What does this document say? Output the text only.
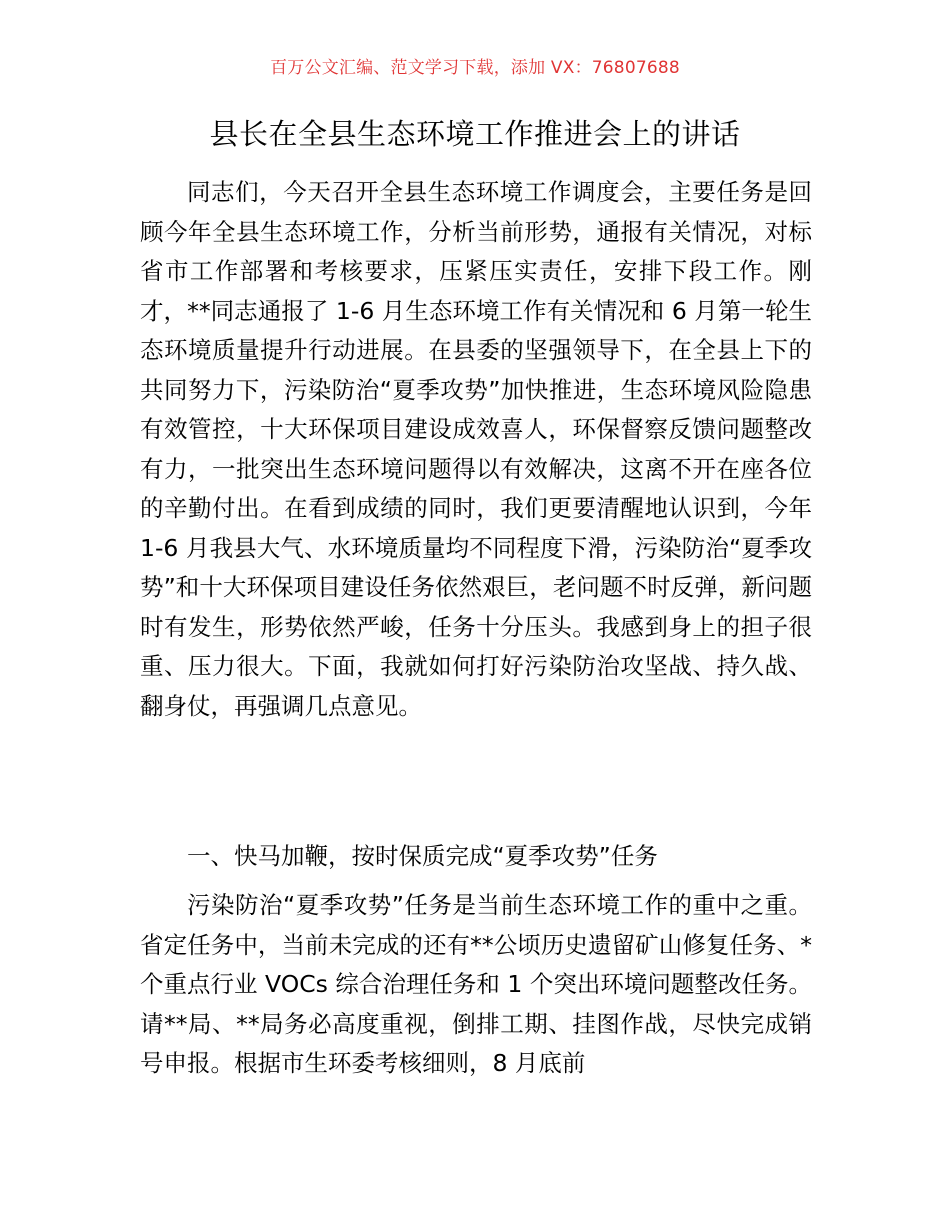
百万公文汇编、范文学习下载，添加 VX：76807688
县长在全县生态环境工作推进会上的讲话

同志们，今天召开全县生态环境工作调度会，主要任务是回顾今年全县生态环境工作，分析当前形势，通报有关情况，对标省市工作部署和考核要求，压紧压实责任，安排下段工作。刚才，**同志通报了 1-6 月生态环境工作有关情况和 6 月第一轮生态环境质量提升行动进展。在县委的坚强领导下，在全县上下的共同努力下，污染防治“夏季攻势”加快推进，生态环境风险隐患有效管控，十大环保项目建设成效喜人，环保督察反馈问题整改有力，一批突出生态环境问题得以有效解决，这离不开在座各位的辛勤付出。在看到成绩的同时，我们更要清醒地认识到，今年 1-6 月我县大气、水环境质量均不同程度下滑，污染防治“夏季攻势”和十大环保项目建设任务依然艰巨，老问题不时反弹，新问题时有发生，形势依然严峻，任务十分压头。我感到身上的担子很重、压力很大。下面，我就如何打好污染防治攻坚战、持久战、翻身仗，再强调几点意见。

一、快马加鞭，按时保质完成“夏季攻势”任务

污染防治“夏季攻势”任务是当前生态环境工作的重中之重。省定任务中，当前未完成的还有**公顷历史遗留矿山修复任务、*个重点行业 VOCs 综合治理任务和 1 个突出环境问题整改任务。请**局、**局务必高度重视，倒排工期、挂图作战，尽快完成销号申报。根据市生环委考核细则，8 月底前
